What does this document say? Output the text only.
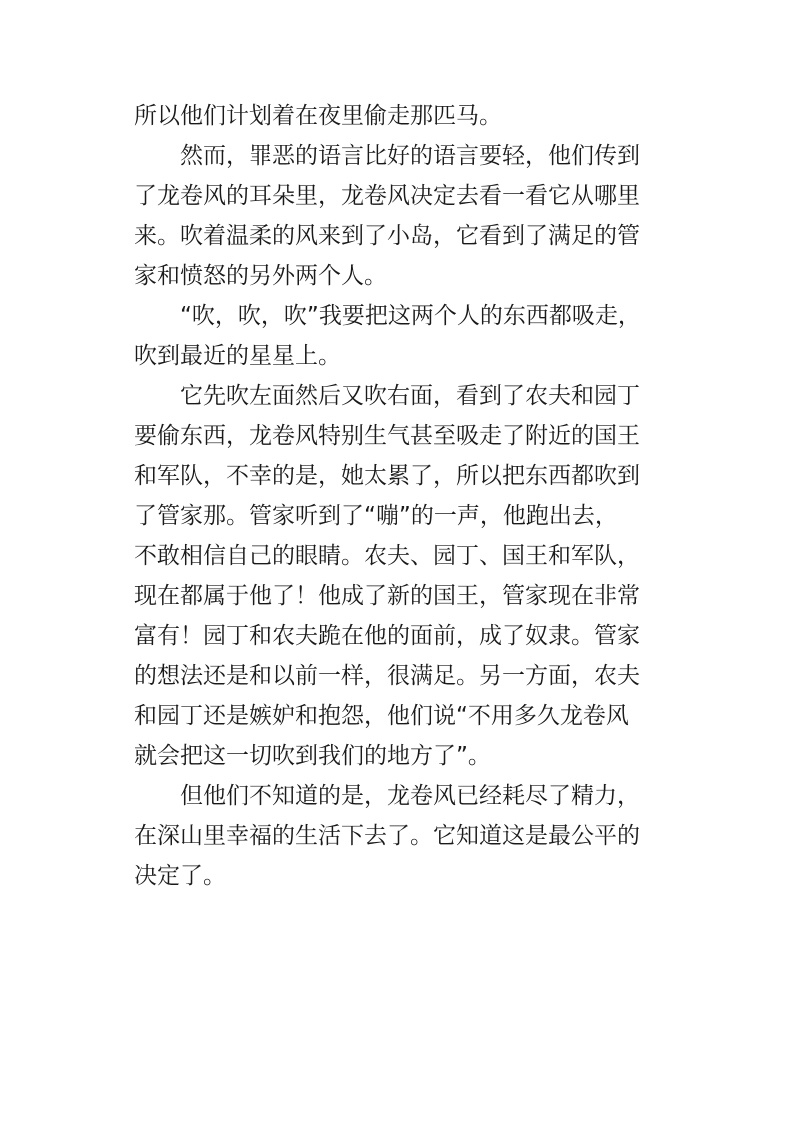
所以他们计划着在夜里偷走那匹马。
然而，罪恶的语言比好的语言要轻，他们传到
了龙卷风的耳朵里，龙卷风决定去看一看它从哪里
来。吹着温柔的风来到了小岛，它看到了满足的管
家和愤怒的另外两个人。
“吹，吹，吹”我要把这两个人的东西都吸走，
吹到最近的星星上。
它先吹左面然后又吹右面，看到了农夫和园丁
要偷东西，龙卷风特别生气甚至吸走了附近的国王
和军队，不幸的是，她太累了，所以把东西都吹到
了管家那。管家听到了“嘣”的一声，他跑出去，
不敢相信自己的眼睛。农夫、园丁、国王和军队，
现在都属于他了！他成了新的国王，管家现在非常
富有！园丁和农夫跪在他的面前，成了奴隶。管家
的想法还是和以前一样，很满足。另一方面，农夫
和园丁还是嫉妒和抱怨，他们说“不用多久龙卷风
就会把这一切吹到我们的地方了”。
但他们不知道的是，龙卷风已经耗尽了精力，
在深山里幸福的生活下去了。它知道这是最公平的
决定了。
